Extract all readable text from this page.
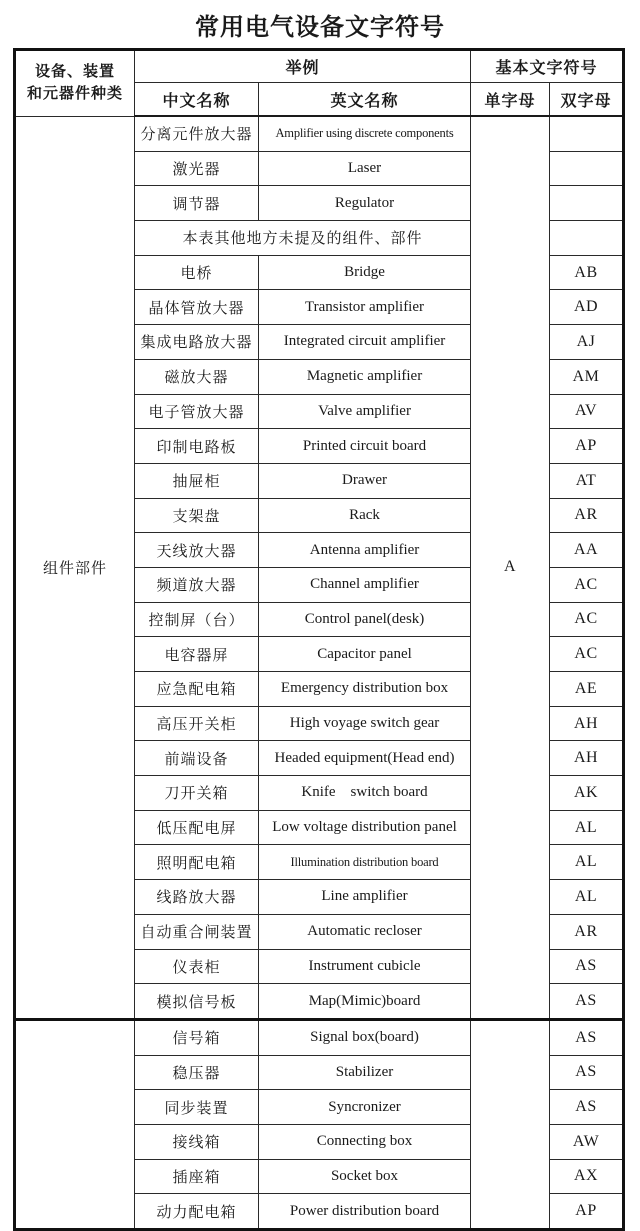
常用电气设备文字符号
设备、装置
和元器件种类	举例		基本文字符号	
	中文名称	英文名称	单字母	双字母
组件部件	分离元件放大器	Amplifier using discrete components	A	
	激光器	Laser		
	调节器	Regulator		
	本表其他地方未提及的组件、部件			
	电桥	Bridge		AB
	晶体管放大器	Transistor amplifier		AD
	集成电路放大器	Integrated circuit amplifier		AJ
	磁放大器	Magnetic amplifier		AM
	电子管放大器	Valve amplifier		AV
	印制电路板	Printed circuit board		AP
	抽屉柜	Drawer		AT
	支架盘	Rack		AR
	天线放大器	Antenna amplifier		AA
	频道放大器	Channel amplifier		AC
	控制屏（台）	Control panel(desk)		AC
	电容器屏	Capacitor panel		AC
	应急配电箱	Emergency distribution box		AE
	高压开关柜	High voyage switch gear		AH
	前端设备	Headed equipment(Head end)		AH
	刀开关箱	Knife switch board		AK
	低压配电屏	Low voltage distribution panel		AL
	照明配电箱	Illumination distribution board		AL
	线路放大器	Line amplifier		AL
	自动重合闸装置	Automatic recloser		AR
	仪表柜	Instrument cubicle		AS
	模拟信号板	Map(Mimic)board		AS
	信号箱	Signal box(board)		AS
	稳压器	Stabilizer		AS
	同步装置	Syncronizer		AS
	接线箱	Connecting box		AW
	插座箱	Socket box		AX
	动力配电箱	Power distribution board		AP
